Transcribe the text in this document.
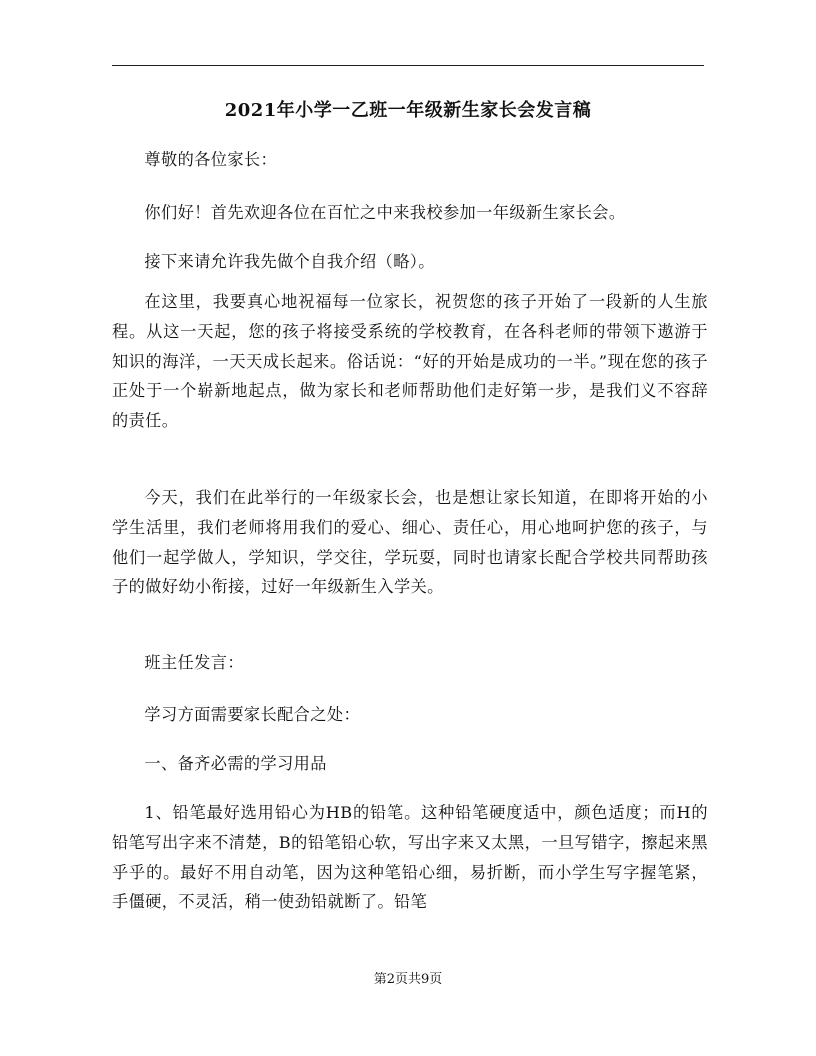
2021年小学一乙班一年级新生家长会发言稿

尊敬的各位家长：

你们好！首先欢迎各位在百忙之中来我校参加一年级新生家长会。

接下来请允许我先做个自我介绍（略）。

在这里，我要真心地祝福每一位家长，祝贺您的孩子开始了一段新的人生旅程。从这一天起，您的孩子将接受系统的学校教育，在各科老师的带领下遨游于知识的海洋，一天天成长起来。俗话说：“好的开始是成功的一半。”现在您的孩子正处于一个崭新地起点，做为家长和老师帮助他们走好第一步，是我们义不容辞的责任。

今天，我们在此举行的一年级家长会，也是想让家长知道，在即将开始的小学生活里，我们老师将用我们的爱心、细心、责任心，用心地呵护您的孩子，与他们一起学做人，学知识，学交往，学玩耍，同时也请家长配合学校共同帮助孩子的做好幼小衔接，过好一年级新生入学关。

班主任发言：

学习方面需要家长配合之处：

一、备齐必需的学习用品

1、铅笔最好选用铅心为HB的铅笔。这种铅笔硬度适中，颜色适度；而H的铅笔写出字来不清楚，B的铅笔铅心软，写出字来又太黑，一旦写错字，擦起来黑乎乎的。最好不用自动笔，因为这种笔铅心细，易折断，而小学生写字握笔紧，手僵硬，不灵活，稍一使劲铅就断了。铅笔

第2页共9页
